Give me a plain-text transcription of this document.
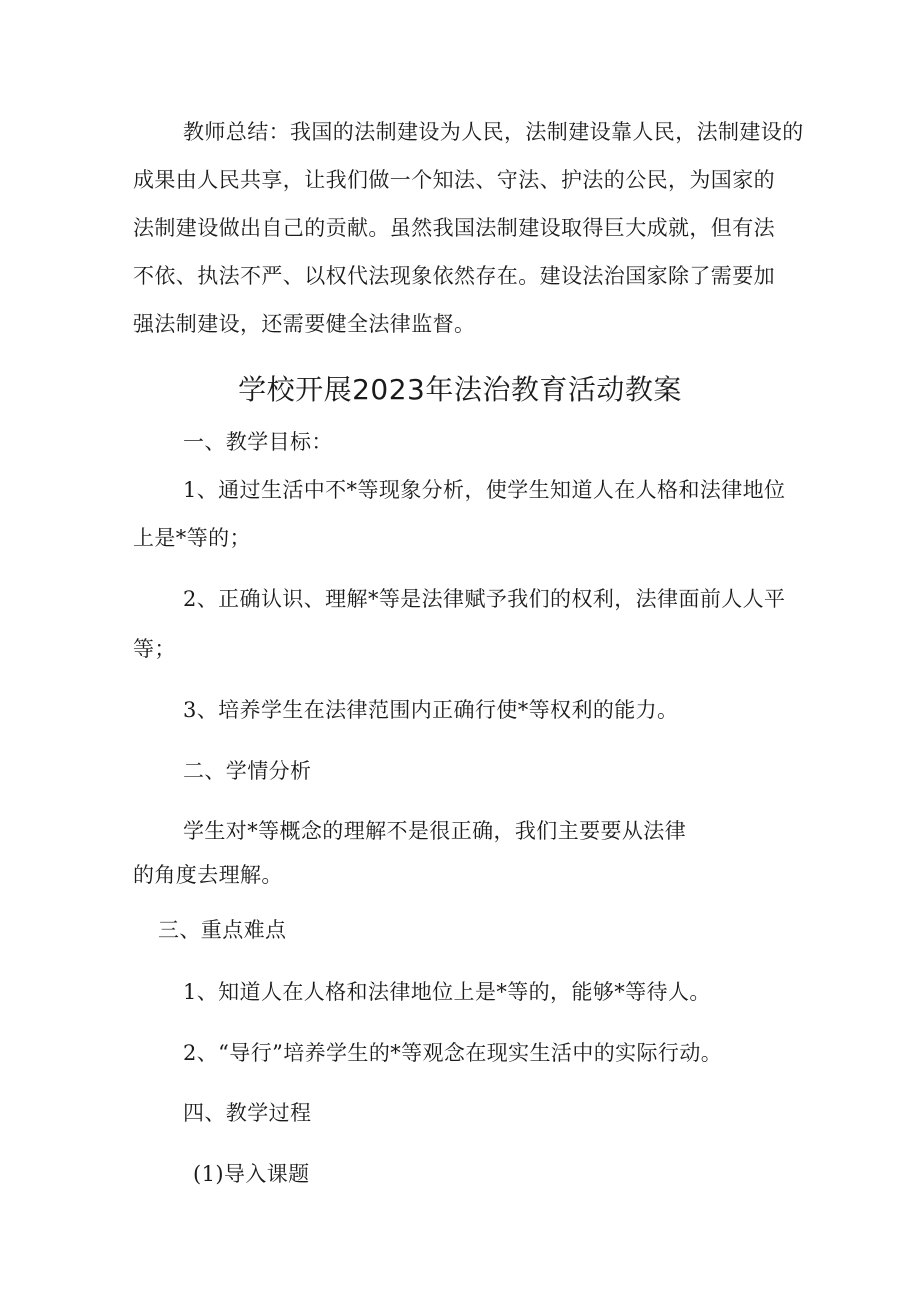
教师总结：我国的法制建设为人民，法制建设靠人民，法制建设的
成果由人民共享，让我们做一个知法、守法、护法的公民，为国家的
法制建设做出自己的贡献。虽然我国法制建设取得巨大成就，但有法
不依、执法不严、以权代法现象依然存在。建设法治国家除了需要加
强法制建设，还需要健全法律监督。
学校开展2023年法治教育活动教案
一、教学目标：
1、通过生活中不*等现象分析，使学生知道人在人格和法律地位
上是*等的；
2、正确认识、理解*等是法律赋予我们的权利，法律面前人人平
等；
3、培养学生在法律范围内正确行使*等权利的能力。
二、学情分析
学生对*等概念的理解不是很正确，我们主要要从法律
的角度去理解。
三、重点难点
1、知道人在人格和法律地位上是*等的，能够*等待人。
2、“导行”培养学生的*等观念在现实生活中的实际行动。
四、教学过程
(1)导入课题
